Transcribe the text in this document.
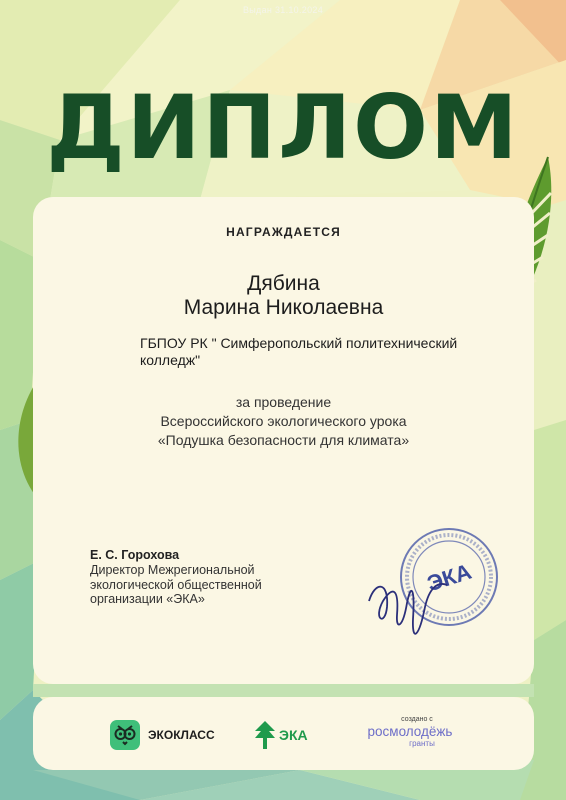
Выдан 31.10.2024
ДИПЛОМ
НАГРАЖДАЕТСЯ
Дябина
Марина Николаевна
ГБПОУ РК " Симферопольский политехнический
колледж"
за проведение
Всероссийского экологического урока
«Подушка безопасности для климата»
Е. С. Горохова
Директор Межрегиональной
экологической общественной
организации «ЭКА»
ЭКА
ЭКОКЛАСС	ЭКА
создано с
росмолодёжь
гранты
